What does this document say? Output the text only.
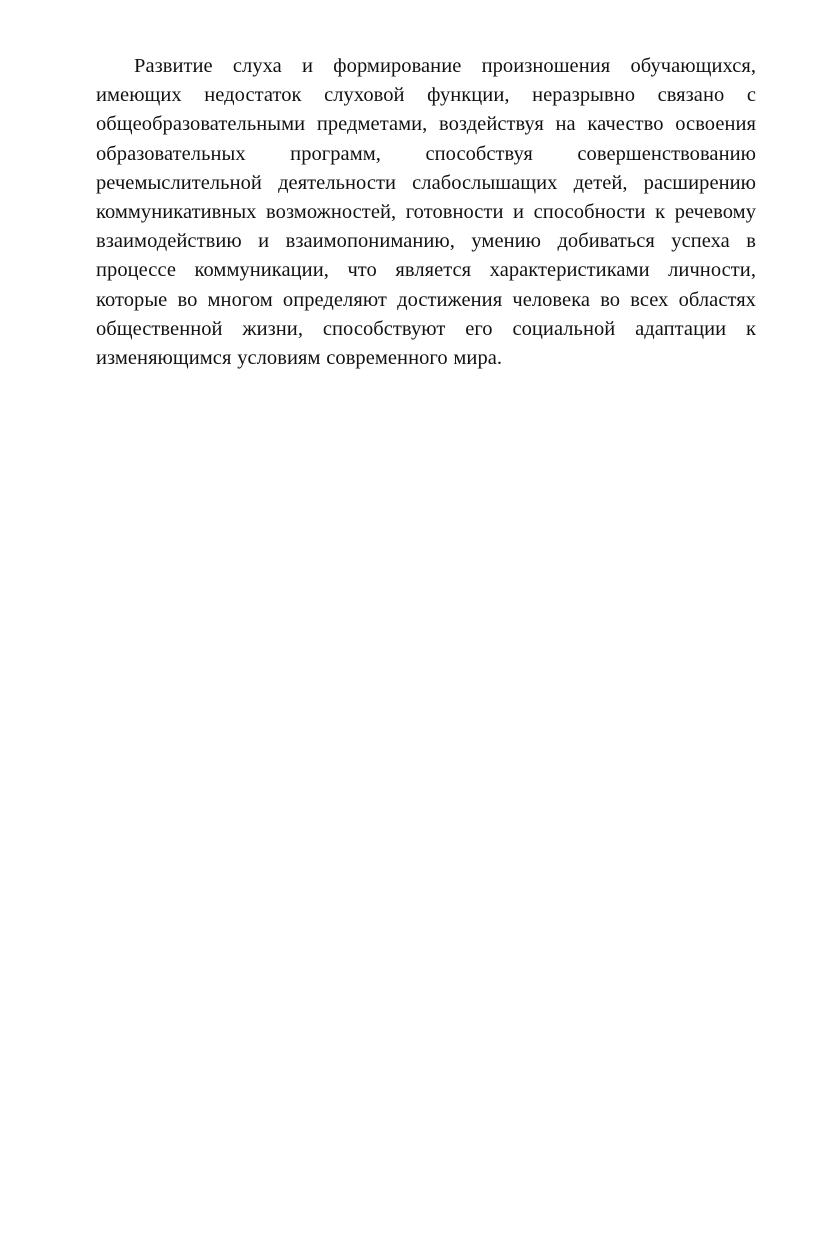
Развитие слуха и формирование произношения обучающихся, имеющих недостаток слуховой функции, неразрывно связано с общеобразовательными предметами, воздействуя на качество освоения образовательных программ, способствуя совершенствованию речемыслительной деятельности слабослышащих детей, расширению коммуникативных возможностей, готовности и способности к речевому взаимодействию и взаимопониманию, умению добиваться успеха в процессе коммуникации, что является характеристиками личности, которые во многом определяют достижения человека во всех областях общественной жизни, способствуют его социальной адаптации к изменяющимся условиям современного мира.
